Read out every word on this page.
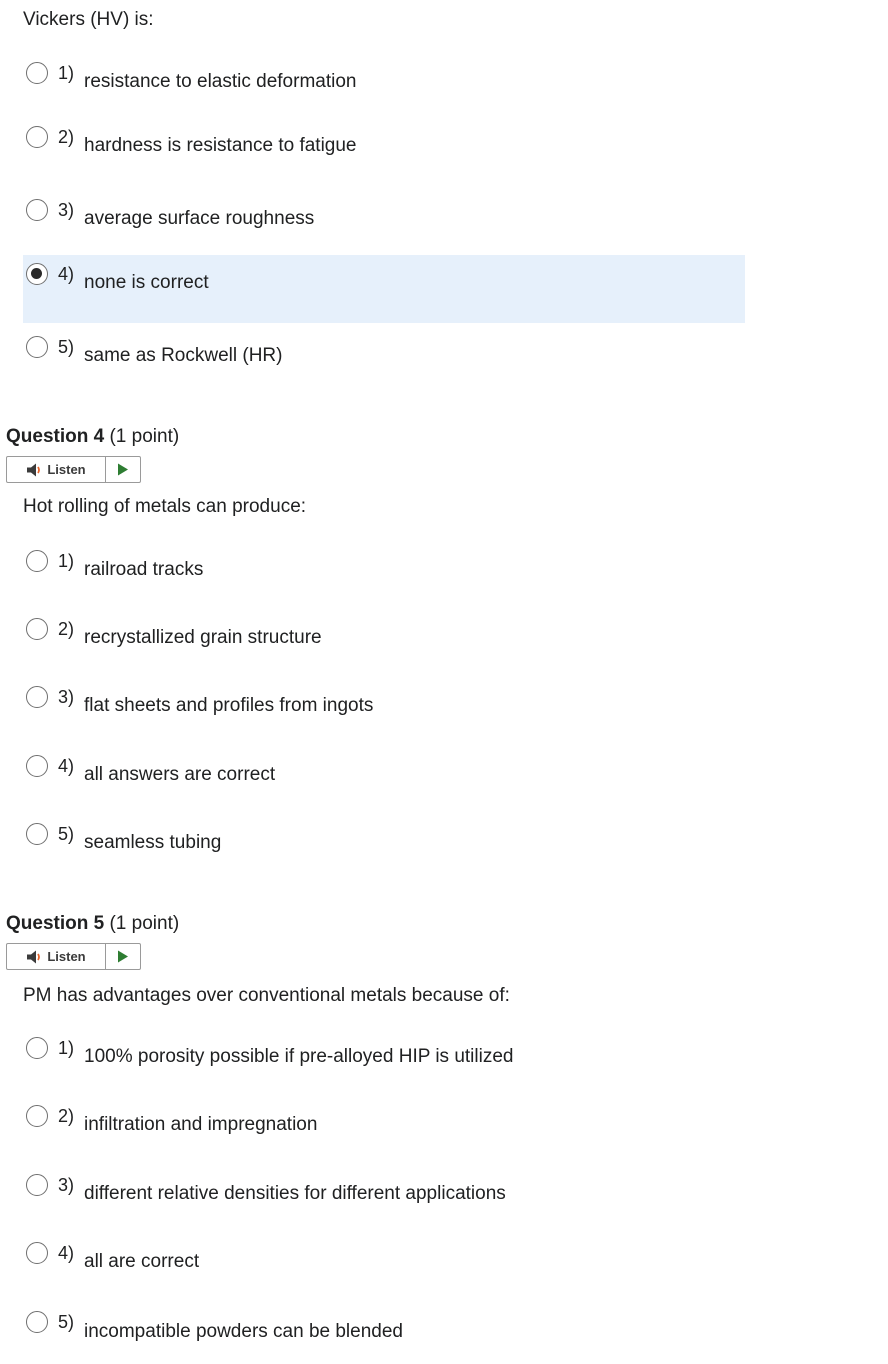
Vickers (HV) is:
1) resistance to elastic deformation
2) hardness is resistance to fatigue
3) average surface roughness
4) none is correct
5) same as Rockwell (HR)
Question 4 (1 point)
Listen
Hot rolling of metals can produce:
1) railroad tracks
2) recrystallized grain structure
3) flat sheets and profiles from ingots
4) all answers are correct
5) seamless tubing
Question 5 (1 point)
Listen
PM has advantages over conventional metals because of:
1) 100% porosity possible if pre-alloyed HIP is utilized
2) infiltration and impregnation
3) different relative densities for different applications
4) all are correct
5) incompatible powders can be blended
